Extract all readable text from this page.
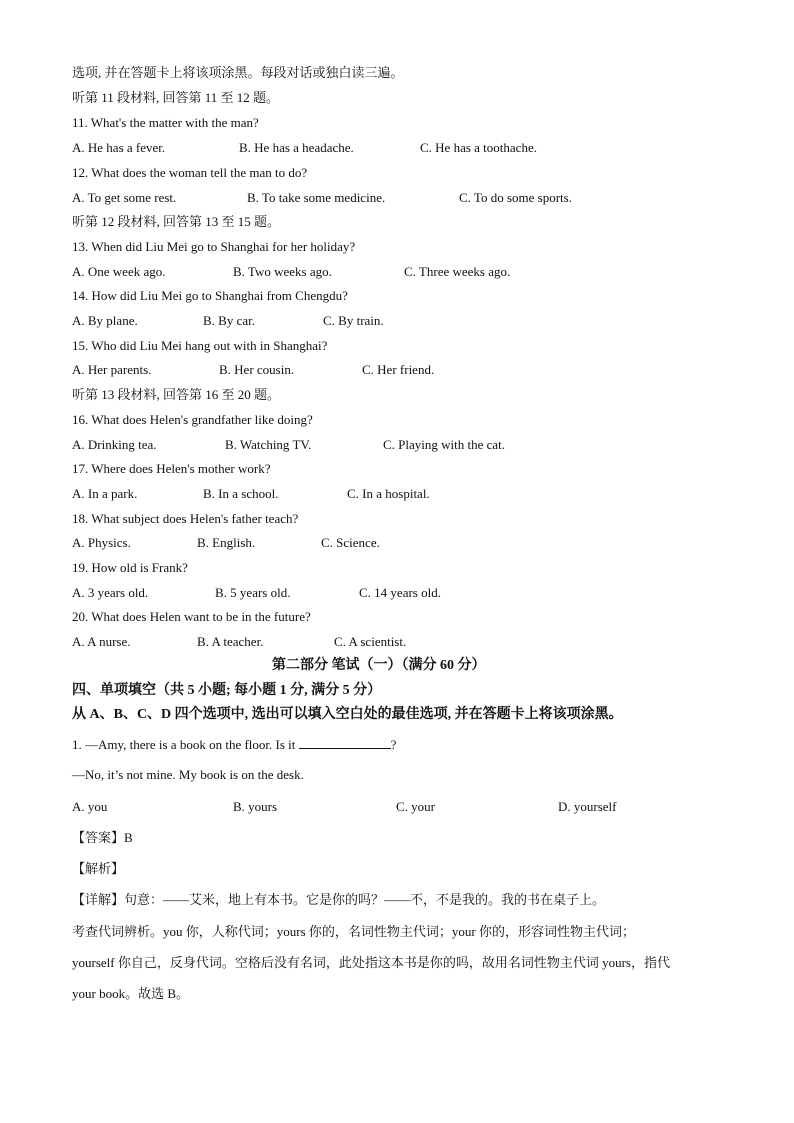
选项, 并在答题卡上将该项涂黑。每段对话或独白读三遍。
听第 11 段材料, 回答第 11 至 12 题。
11. What's the matter with the man?
A. He has a fever.	B. He has a headache.	C. He has a toothache.
12. What does the woman tell the man to do?
A. To get some rest.	B. To take some medicine.	C. To do some sports.
听第 12 段材料, 回答第 13 至 15 题。
13. When did Liu Mei go to Shanghai for her holiday?
A. One week ago.	B. Two weeks ago.	C. Three weeks ago.
14. How did Liu Mei go to Shanghai from Chengdu?
A. By plane.	B. By car.	C. By train.
15. Who did Liu Mei hang out with in Shanghai?
A. Her parents.	B. Her cousin.	C. Her friend.
听第 13 段材料, 回答第 16 至 20 题。
16. What does Helen's grandfather like doing?
A. Drinking tea.	B. Watching TV.	C. Playing with the cat.
17. Where does Helen's mother work?
A. In a park.	B. In a school.	C. In a hospital.
18. What subject does Helen's father teach?
A. Physics.	B. English.	C. Science.
19. How old is Frank?
A. 3 years old.	B. 5 years old.	C. 14 years old.
20. What does Helen want to be in the future?
A. A nurse.	B. A teacher.	C. A scientist.
第二部分 笔试（一）（满分 60 分）
四、单项填空（共 5 小题; 每小题 1 分, 满分 5 分）
从 A、B、C、D 四个选项中, 选出可以填入空白处的最佳选项, 并在答题卡上将该项涂黑。
1. —Amy, there is a book on the floor. Is it	?
—No, it’s not mine. My book is on the desk.
A. you	B. yours	C. your	D. yourself
【答案】B
【解析】
【详解】句意：——艾米，地上有本书。它是你的吗？——不，不是我的。我的书在桌子上。
考查代词辨析。you 你，人称代词；yours 你的，名词性物主代词；your 你的，形容词性物主代词；
yourself 你自己，反身代词。空格后没有名词，此处指这本书是你的吗，故用名词性物主代词 yours，指代
your book。故选 B。
